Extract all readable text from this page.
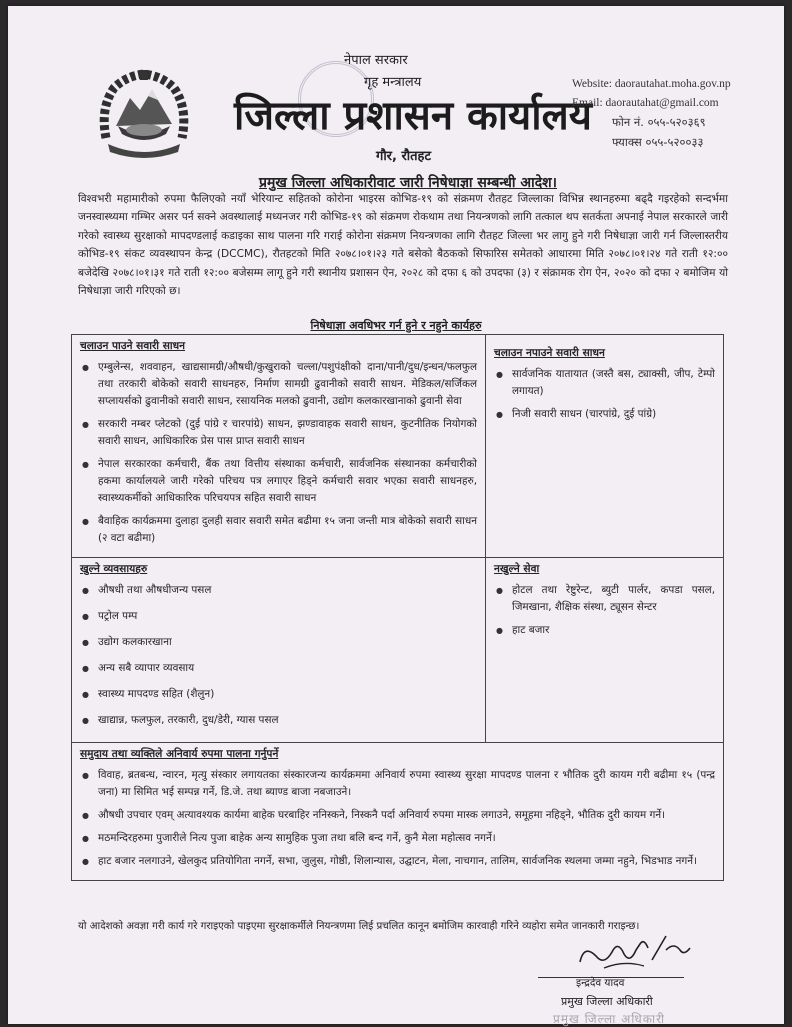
नेपाल सरकार
गृह मन्त्रालय
जिल्ला प्रशासन कार्यालय
गौर, रौतहट
Website: daorautahat.moha.gov.np
Email: daorautahat@gmail.com
फोन नं. ०५५-५२०३६९
फ्याक्स ०५५-५२००३३
प्रमुख जिल्ला अधिकारीवाट जारी निषेधाज्ञा सम्बन्धी आदेश।
विश्वभरी महामारीको रुपमा फैलिएको नयाँ भेरियान्ट सहितको कोरोना भाइरस कोभिड-१९ को संक्रमण रौतहट जिल्लाका विभिन्न स्थानहरुमा बढ्दै गइरहेको सन्दर्भमा जनस्वास्थ्यमा गम्भिर असर पर्न सक्ने अवस्थालाई मध्यनजर गरी कोभिड-१९ को संक्रमण रोकथाम तथा नियन्त्रणको लागि तत्काल थप सतर्कता अपनाई नेपाल सरकारले जारी गरेको स्वास्थ्य सुरक्षाको मापदण्डलाई कडाइका साथ पालना गरि गराई कोरोना संक्रमण नियन्त्रणका लागि रौतहट जिल्ला भर लागु हुने गरी निषेधाज्ञा जारी गर्न जिल्लास्तरीय कोभिड-१९ संकट व्यवस्थापन केन्द्र (DCCMC), रौतहटको मिति २०७८।०१।२३ गते बसेको बैठकको सिफारिस समेतको आधारमा मिति २०७८।०१।२४ गते राती १२:०० बजेदेखि २०७८।०१।३१ गते राती १२:०० बजेसम्म लागू हुने गरी स्थानीय प्रशासन ऐन, २०२८ को दफा ६ को उपदफा (३) र संक्रामक रोग ऐन, २०२० को दफा २ बमोजिम यो निषेधाज्ञा जारी गरिएको छ।
निषेधाज्ञा अवधिभर गर्न हुने र नहुने कार्यहरु
चलाउन पाउने सवारी साधन
● एम्बुलेन्स, शववाहन, खाद्यसामग्री/औषधी/कुखुराको चल्ला/पशुपंक्षीको दाना/पानी/दुध/इन्धन/फलफुल तथा तरकारी बोकेको सवारी साधनहरु, निर्माण सामग्री ढुवानीको सवारी साधन. मेडिकल/सर्जिकल सप्लायर्सको ढुवानीको सवारी साधन, रसायनिक मलको ढुवानी, उद्योग कलकारखानाको ढुवानी सेवा
● सरकारी नम्बर प्लेटको (दुई पांग्रे र चारपांग्रे) साधन, झण्डावाहक सवारी साधन, कुटनीतिक नियोगको सवारी साधन, आधिकारिक प्रेस पास प्राप्त सवारी साधन
● नेपाल सरकारका कर्मचारी, बैंक तथा वित्तीय संस्थाका कर्मचारी, सार्वजनिक संस्थानका कर्मचारीको हकमा कार्यालयले जारी गरेको परिचय पत्र लगाएर हिड्ने कर्मचारी सवार भएका सवारी साधनहरु, स्वास्थ्यकर्मीको आधिकारिक परिचयपत्र सहित सवारी साधन
● बैवाहिक कार्यक्रममा दुलाहा दुलही सवार सवारी समेत बढीमा १५ जना जन्ती मात्र बोकेको सवारी साधन (२ वटा बढीमा)
चलाउन नपाउने सवारी साधन
● सार्वजनिक यातायात (जस्तै बस, ट्याक्सी, जीप, टेम्पो लगायत)
● निजी सवारी साधन (चारपांग्रे, दुई पांग्रे)
खुल्ने व्यवसायहरु
● औषधी तथा औषधीजन्य पसल
● पट्रोल पम्प
● उद्योग कलकारखाना
● अन्य सबै व्यापार व्यवसाय
● स्वास्थ्य मापदण्ड सहित (शैलुन)
● खाद्यान्न, फलफुल, तरकारी, दुध/डेरी, ग्यास पसल
नखुल्ने सेवा
● होटल तथा रेष्टुरेन्ट, ब्युटी पार्लर, कपडा पसल, जिमखाना, शैक्षिक संस्था, ट्यूसन सेन्टर
● हाट बजार
समुदाय तथा व्यक्तिले अनिवार्य रुपमा पालना गर्नुपर्ने
● विवाह, ब्रतबन्ध, न्वारन, मृत्यु संस्कार लगायतका संस्कारजन्य कार्यक्रममा अनिवार्य रुपमा स्वास्थ्य सुरक्षा मापदण्ड पालना र भौतिक दुरी कायम गरी बढीमा १५ (पन्द्र जना) मा सिमित भई सम्पन्न गर्ने, डि.जे. तथा ब्याण्ड बाजा नबजाउने।
● औषधी उपचार एवम् अत्यावश्यक कार्यमा बाहेक घरबाहिर ननिस्कने, निस्कनै पर्दा अनिवार्य रुपमा मास्क लगाउने, समूहमा नहिड्ने, भौतिक दुरी कायम गर्ने।
● मठमन्दिरहरुमा पुजारीले नित्य पुजा बाहेक अन्य सामुहिक पुजा तथा बलि बन्द गर्ने, कुनै मेला महोत्सव नगर्ने।
● हाट बजार नलगाउने, खेलकुद प्रतियोगिता नगर्ने, सभा, जुलुस, गोष्ठी, शिलान्यास, उद्घाटन, मेला, नाचगान, तालिम, सार्वजनिक स्थलमा जम्मा नहुने, भिडभाड नगर्ने।
यो आदेशको अवज्ञा गरी कार्य गरे गराइएको पाइएमा सुरक्षाकर्मीले नियन्त्रणमा लिई प्रचलित कानून बमोजिम कारवाही गरिने व्यहोरा समेत जानकारी गराइन्छ।
इन्द्रदेव यादव
प्रमुख जिल्ला अधिकारी
प्रमुख जिल्ला अधिकारी
